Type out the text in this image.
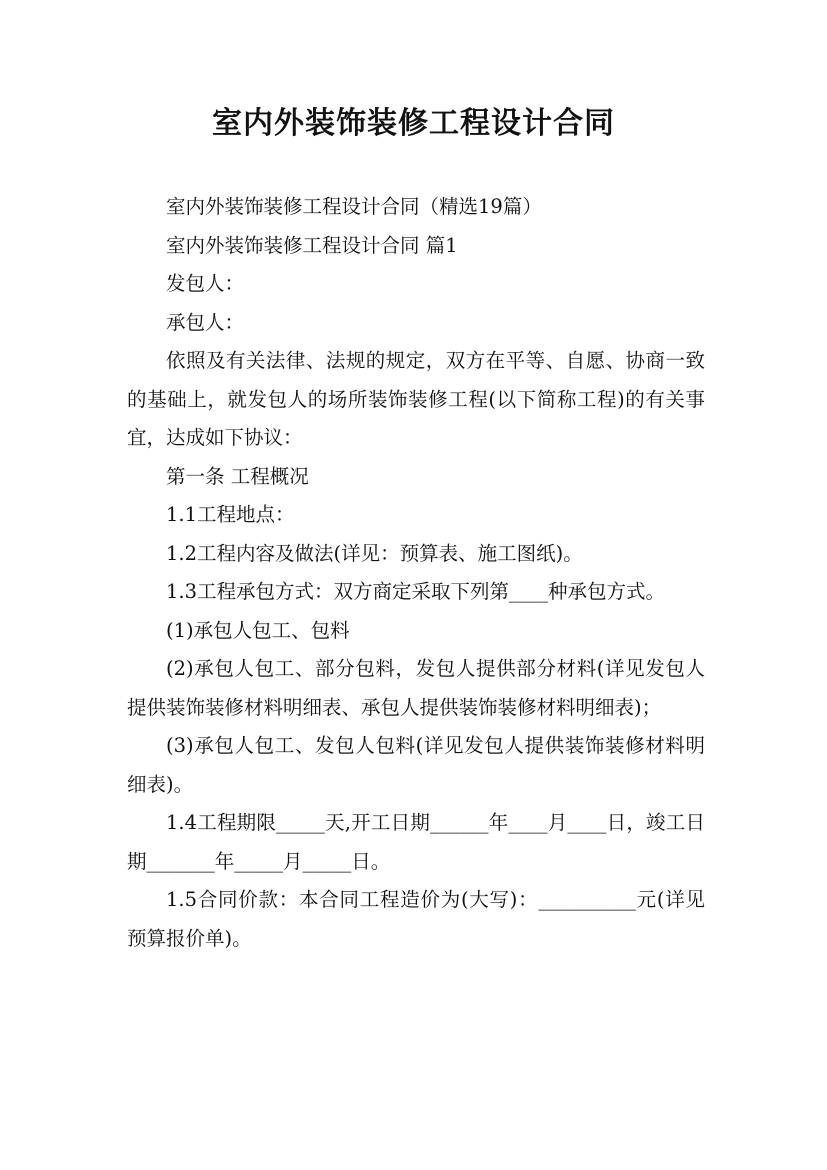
室内外装饰装修工程设计合同

室内外装饰装修工程设计合同（精选19篇）

室内外装饰装修工程设计合同 篇1

发包人：

承包人：

依照及有关法律、法规的规定，双方在平等、自愿、协商一致的基础上，就发包人的场所装饰装修工程(以下简称工程)的有关事宜，达成如下协议：

第一条 工程概况

1.1工程地点：

1.2工程内容及做法(详见：预算表、施工图纸)。

1.3工程承包方式：双方商定采取下列第____种承包方式。

(1)承包人包工、包料

(2)承包人包工、部分包料，发包人提供部分材料(详见发包人提供装饰装修材料明细表、承包人提供装饰装修材料明细表)；

(3)承包人包工、发包人包料(详见发包人提供装饰装修材料明细表)。

1.4工程期限_____天,开工日期______年____月____日，竣工日期_______年_____月_____日。

1.5合同价款：本合同工程造价为(大写)：__________元(详见预算报价单)。
